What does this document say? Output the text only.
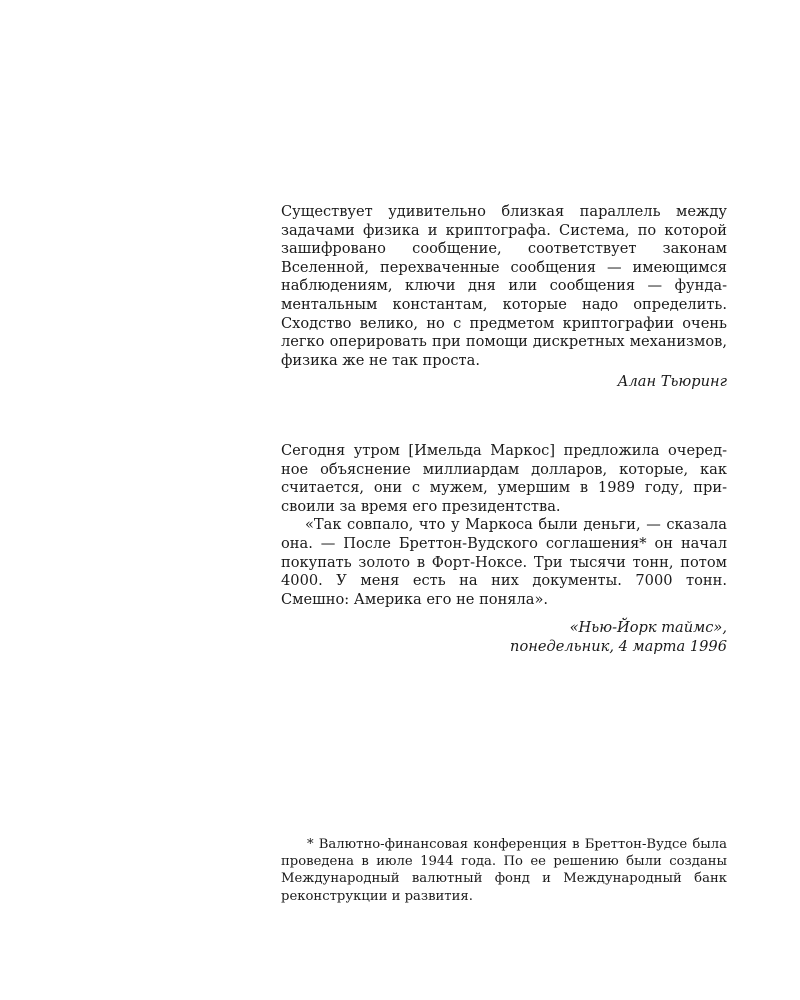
Существует удивительно близкая параллель между задачами физика и криптографа. Система, по которой зашифровано сообщение, соответствует законам Вселенной, перехваченные сообщения — имеющимся наблюдениям, ключи дня или сообщения — фундаментальным константам, которые надо определить. Сходство велико, но с предметом криптографии очень легко оперировать при помощи дискретных механизмов, физика же не так проста.

Алан Тьюринг

Сегодня утром [Имельда Маркос] предложила очередное объяснение миллиардам долларов, которые, как считается, они с мужем, умершим в 1989 году, присвоили за время его президентства.

«Так совпало, что у Маркоса были деньги, — сказала она. — После Бреттон-Вудского соглашения* он начал покупать золото в Форт-Ноксе. Три тысячи тонн, потом 4000. У меня есть на них документы. 7000 тонн. Смешно: Америка его не поняла».

«Нью-Йорк таймс»,

понедельник, 4 марта 1996

* Валютно-финансовая конференция в Бреттон-Вудсе была проведена в июле 1944 года. По ее решению были созданы Международный валютный фонд и Международный банк реконструкции и развития.
